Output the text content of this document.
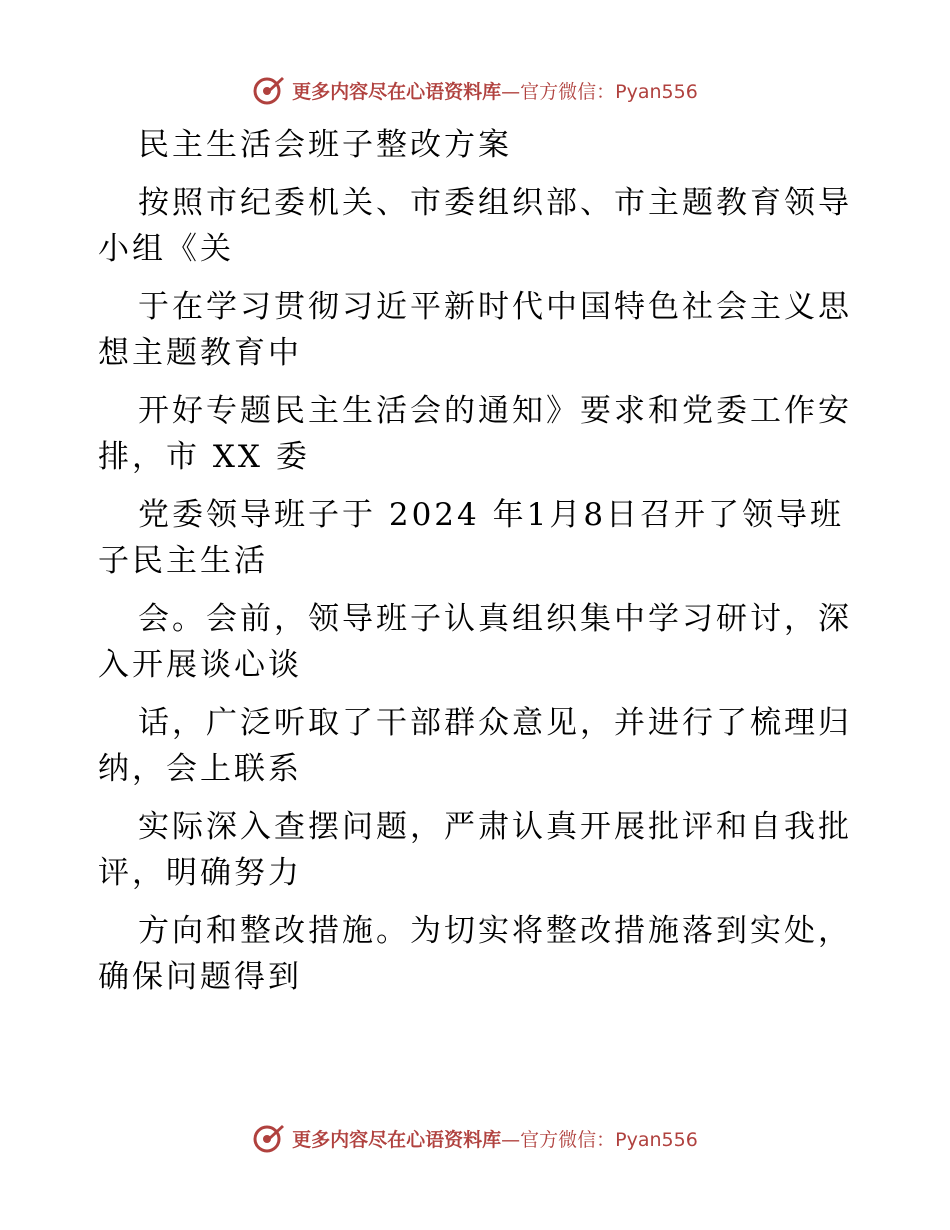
更多内容尽在心语资料库—官方微信：Pyan556
民主生活会班子整改方案
按照市纪委机关、市委组织部、市主题教育领导
小组《关
于在学习贯彻习近平新时代中国特色社会主义思
想主题教育中
开好专题民主生活会的通知》要求和党委工作安
排，市 XX 委
党委领导班子于 2024 年1月8日召开了领导班
子民主生活
会。会前，领导班子认真组织集中学习研讨，深
入开展谈心谈
话，广泛听取了干部群众意见，并进行了梳理归
纳，会上联系
实际深入查摆问题，严肃认真开展批评和自我批
评，明确努力
方向和整改措施。为切实将整改措施落到实处，
确保问题得到
更多内容尽在心语资料库—官方微信：Pyan556
